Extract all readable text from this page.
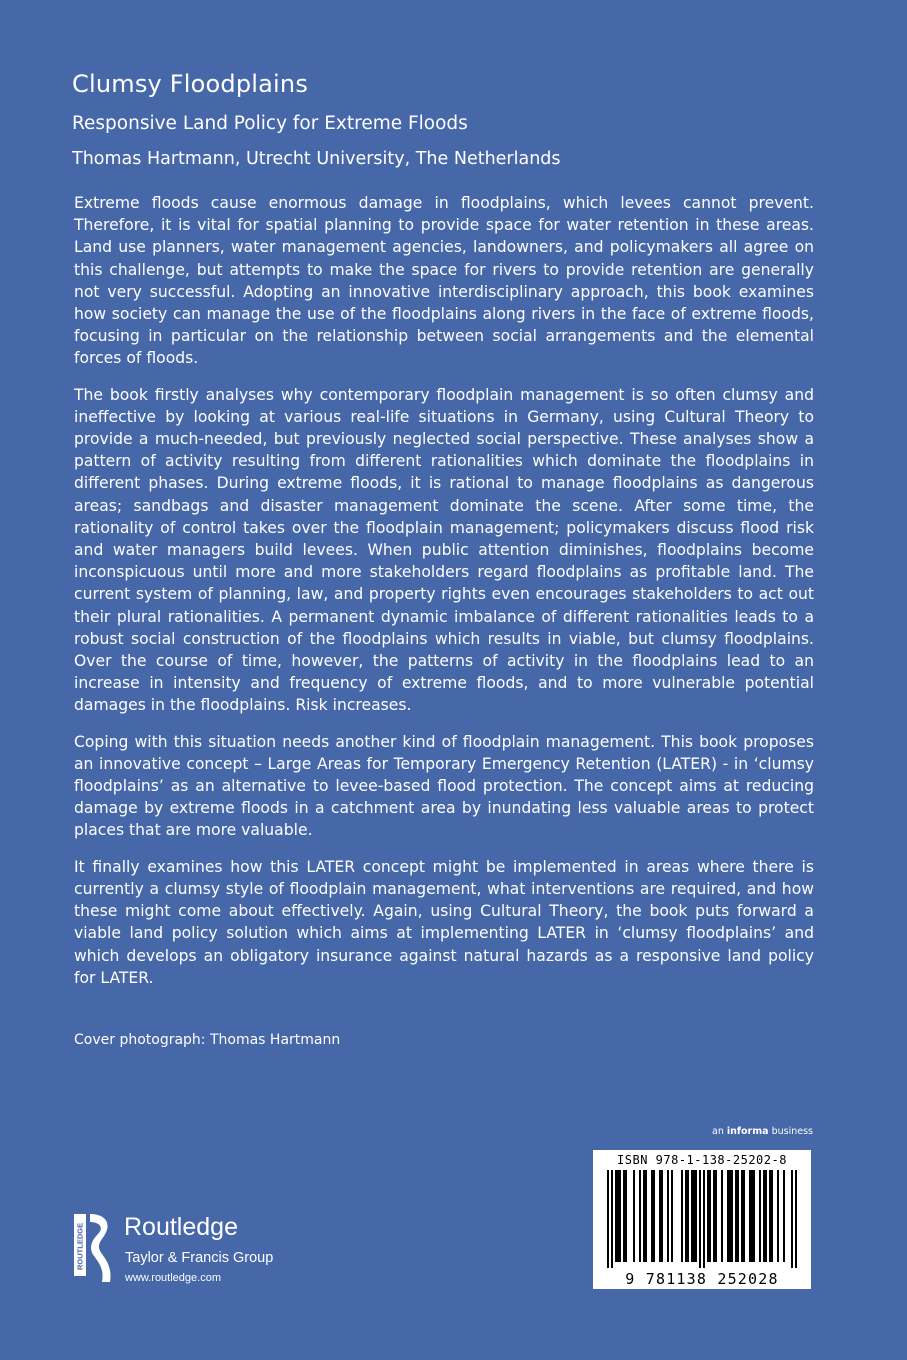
Clumsy Floodplains
Responsive Land Policy for Extreme Floods
Thomas Hartmann, Utrecht University, The Netherlands

Extreme floods cause enormous damage in floodplains, which levees cannot prevent. Therefore, it is vital for spatial planning to provide space for water retention in these areas. Land use planners, water management agencies, landowners, and policymakers all agree on this challenge, but attempts to make the space for rivers to provide retention are generally not very successful. Adopting an innovative interdisciplinary approach, this book examines how society can manage the use of the floodplains along rivers in the face of extreme floods, focusing in particular on the relationship between social arrangements and the elemental forces of floods.

The book firstly analyses why contemporary floodplain management is so often clumsy and ineffective by looking at various real-life situations in Germany, using Cultural Theory to provide a much-needed, but previously neglected social perspective. These analyses show a pattern of activity resulting from different rationalities which dominate the floodplains in different phases. During extreme floods, it is rational to manage floodplains as dangerous areas; sandbags and disaster management dominate the scene. After some time, the rationality of control takes over the floodplain management; policymakers discuss flood risk and water managers build levees. When public attention diminishes, floodplains become inconspicuous until more and more stakeholders regard floodplains as profitable land. The current system of planning, law, and property rights even encourages stakeholders to act out their plural rationalities. A permanent dynamic imbalance of different rationalities leads to a robust social construction of the floodplains which results in viable, but clumsy floodplains. Over the course of time, however, the patterns of activity in the floodplains lead to an increase in intensity and frequency of extreme floods, and to more vulnerable potential damages in the floodplains. Risk increases.

Coping with this situation needs another kind of floodplain management. This book proposes an innovative concept – Large Areas for Temporary Emergency Retention (LATER) - in ‘clumsy floodplains’ as an alternative to levee-based flood protection. The concept aims at reducing damage by extreme floods in a catchment area by inundating less valuable areas to protect places that are more valuable.

It finally examines how this LATER concept might be implemented in areas where there is currently a clumsy style of floodplain management, what interventions are required, and how these might come about effectively. Again, using Cultural Theory, the book puts forward a viable land policy solution which aims at implementing LATER in ‘clumsy floodplains’ and which develops an obligatory insurance against natural hazards as a responsive land policy for LATER.

Cover photograph: Thomas Hartmann
an informa business
ISBN 978-1-138-25202-8
9 781138 252028
ROUTLEDGE Routledge
Taylor & Francis Group
www.routledge.com
